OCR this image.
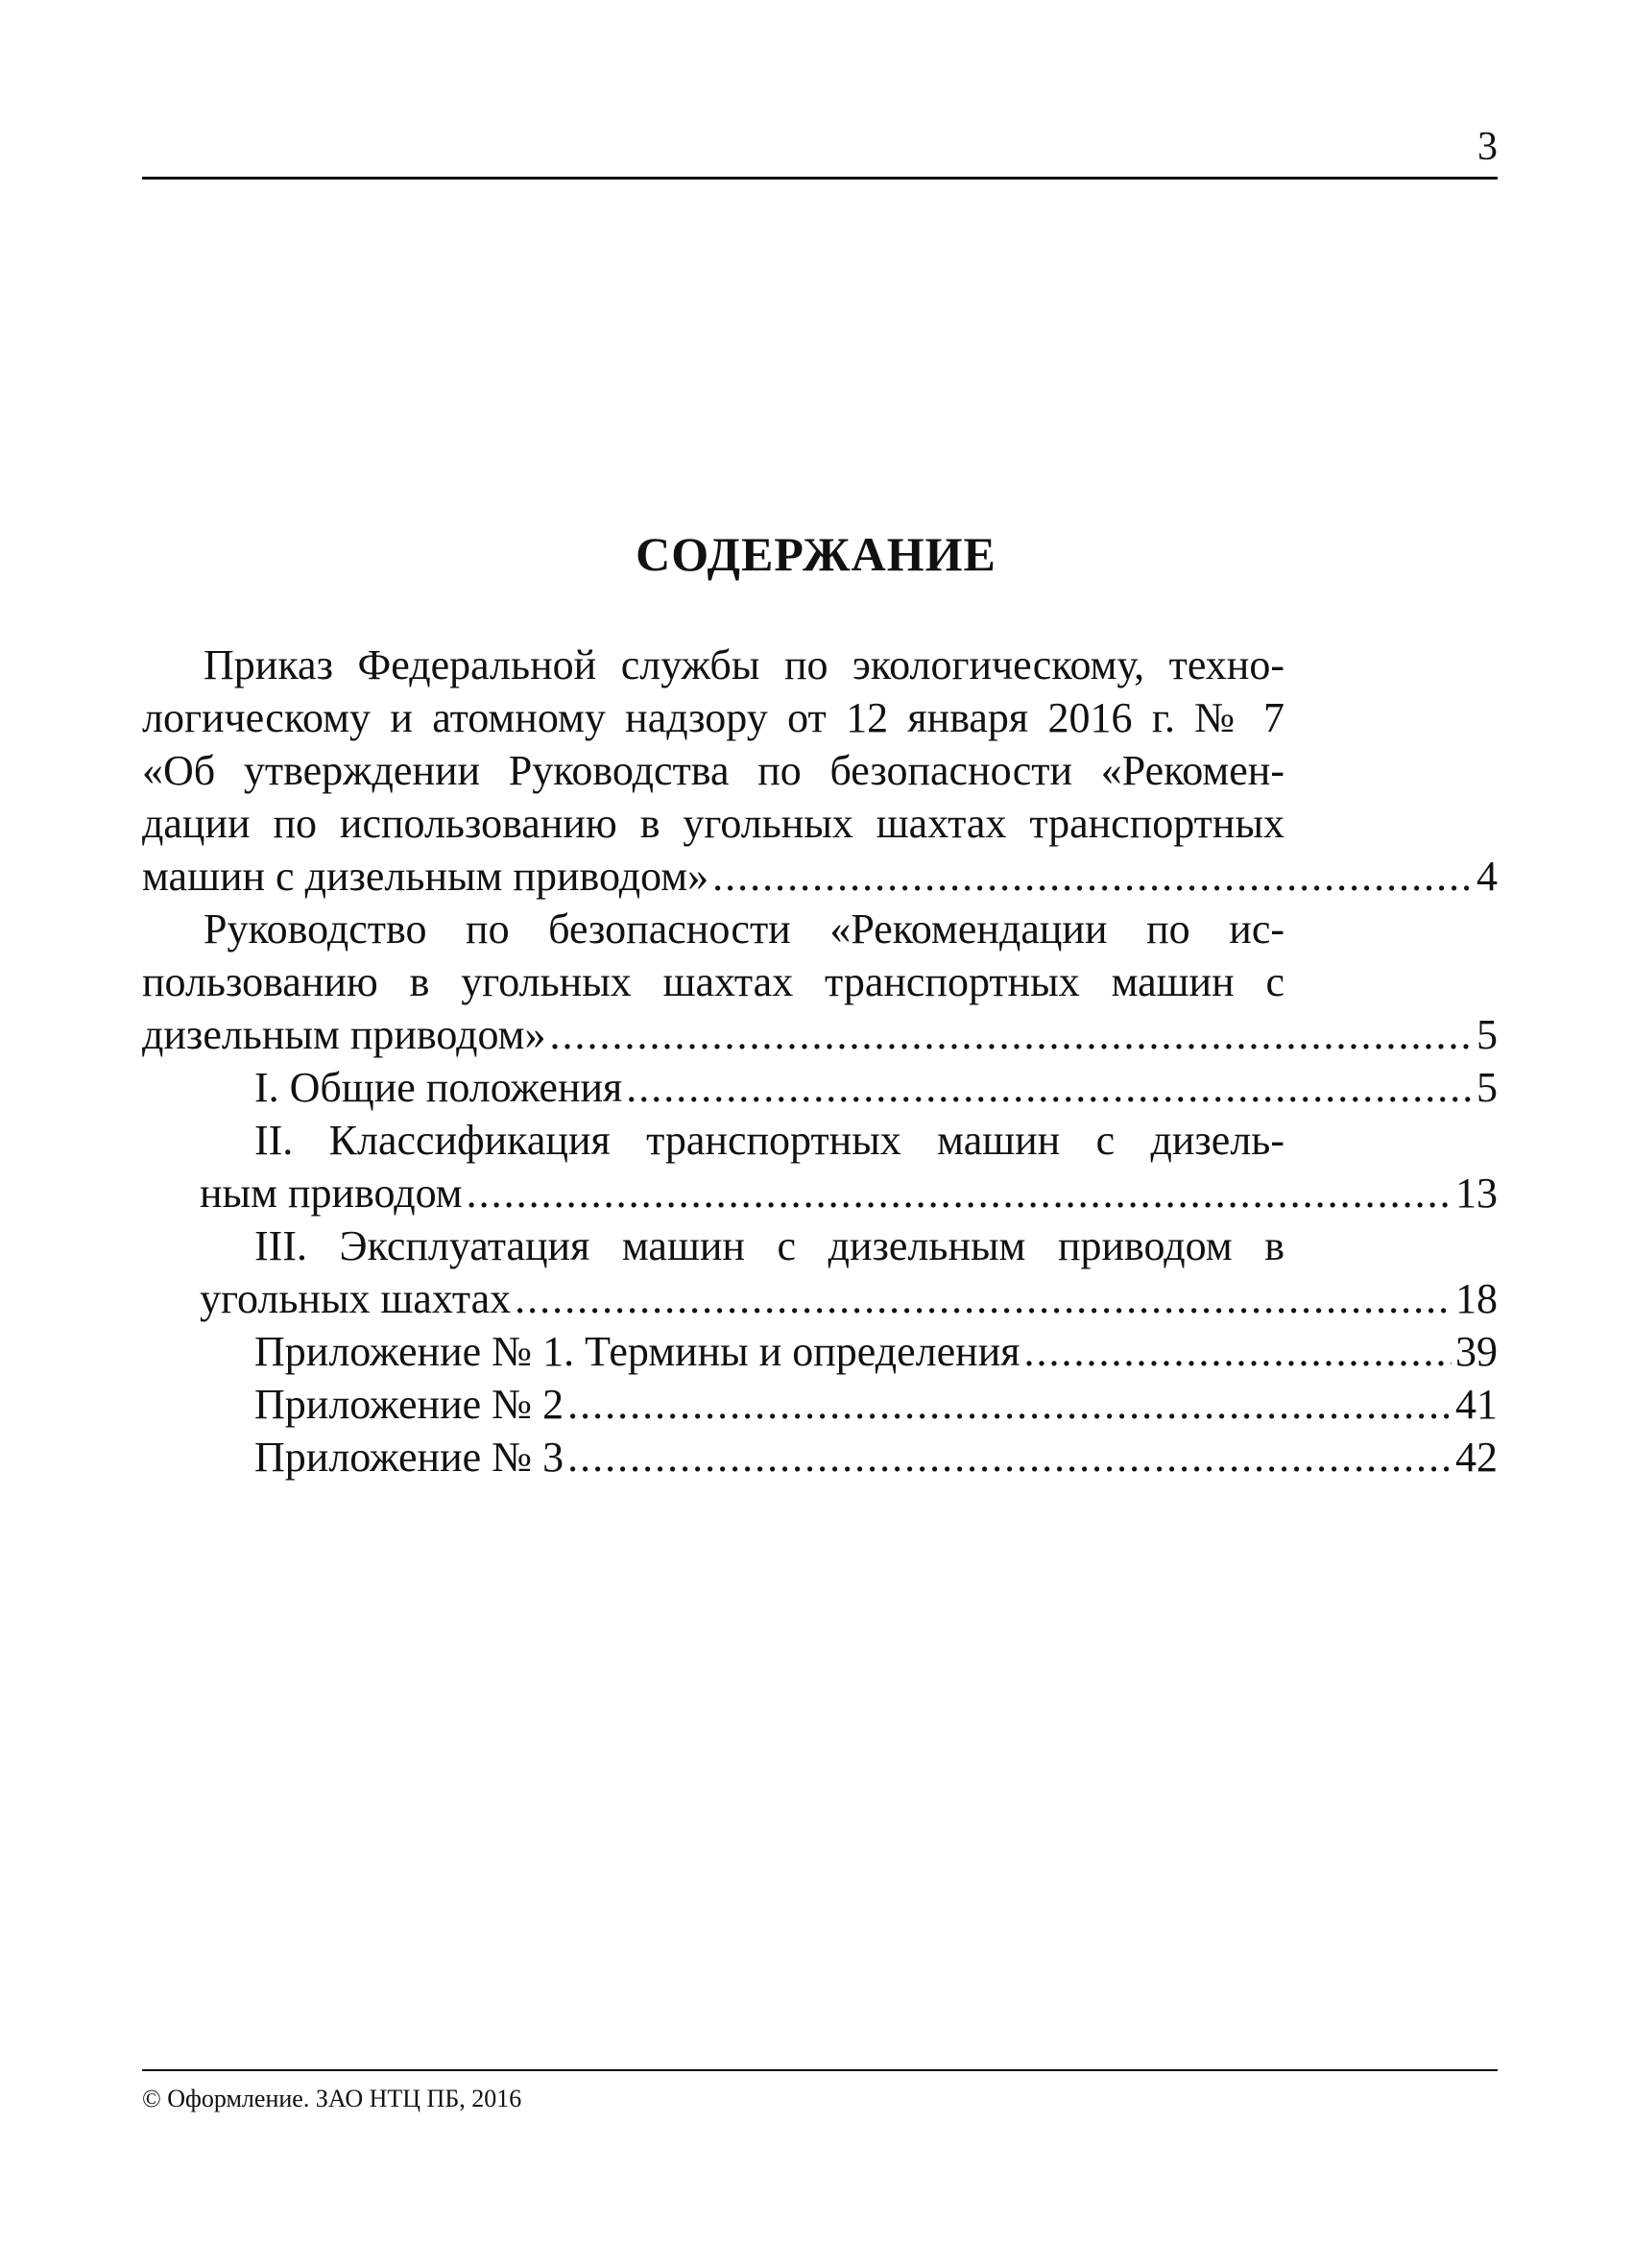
3
СОДЕРЖАНИЕ
Приказ Федеральной службы по экологическому, техно-
логическому и атомному надзору от 12 января 2016 г. № 7
«Об утверждении Руководства по безопасности «Рекомен-
дации по использованию в угольных шахтах транспортных
машин с дизельным приводом» .....	4
Руководство по безопасности «Рекомендации по ис-
пользованию в угольных шахтах транспортных машин с
дизельным приводом» .....	5
I. Общие положения .....	5
II. Классификация транспортных машин с дизель-
ным приводом .....	13
III. Эксплуатация машин с дизельным приводом в
угольных шахтах .....	18
Приложение № 1. Термины и определения .....	39
Приложение № 2 .....	41
Приложение № 3 .....	42
© Оформление. ЗАО НТЦ ПБ, 2016
